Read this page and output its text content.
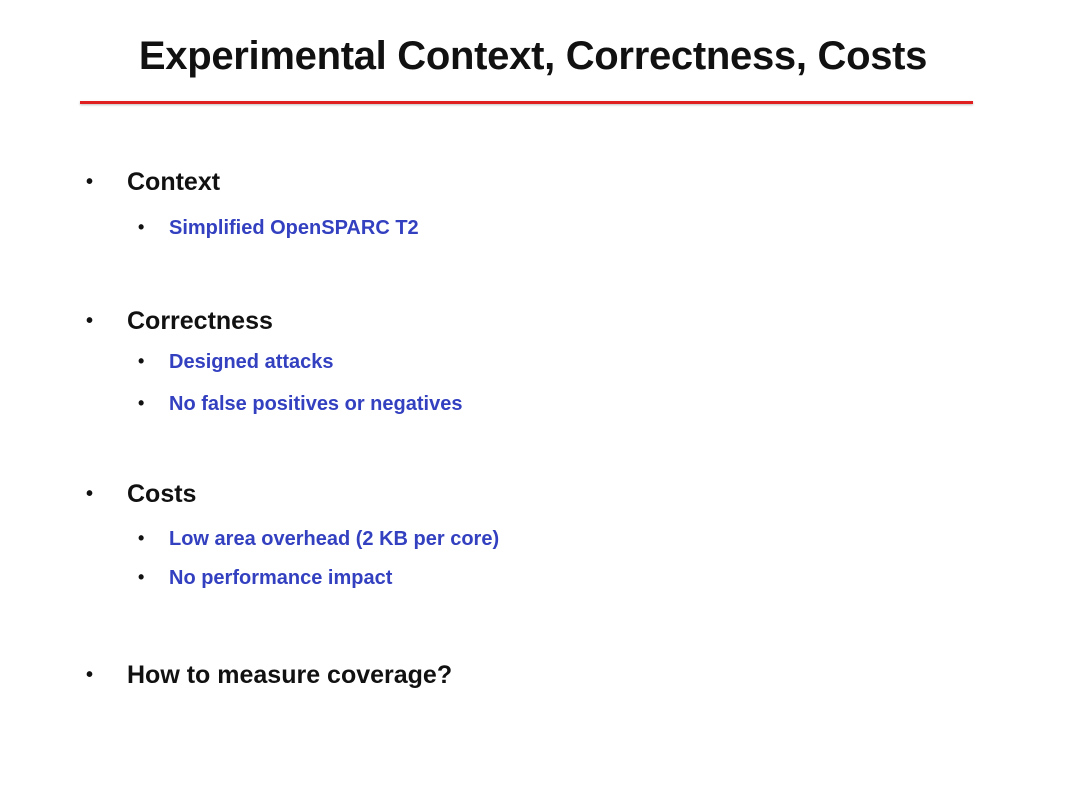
Experimental Context, Correctness, Costs
• Context
• Simplified OpenSPARC T2
• Correctness
• Designed attacks
• No false positives or negatives
• Costs
• Low area overhead (2 KB per core)
• No performance impact
• How to measure coverage?
